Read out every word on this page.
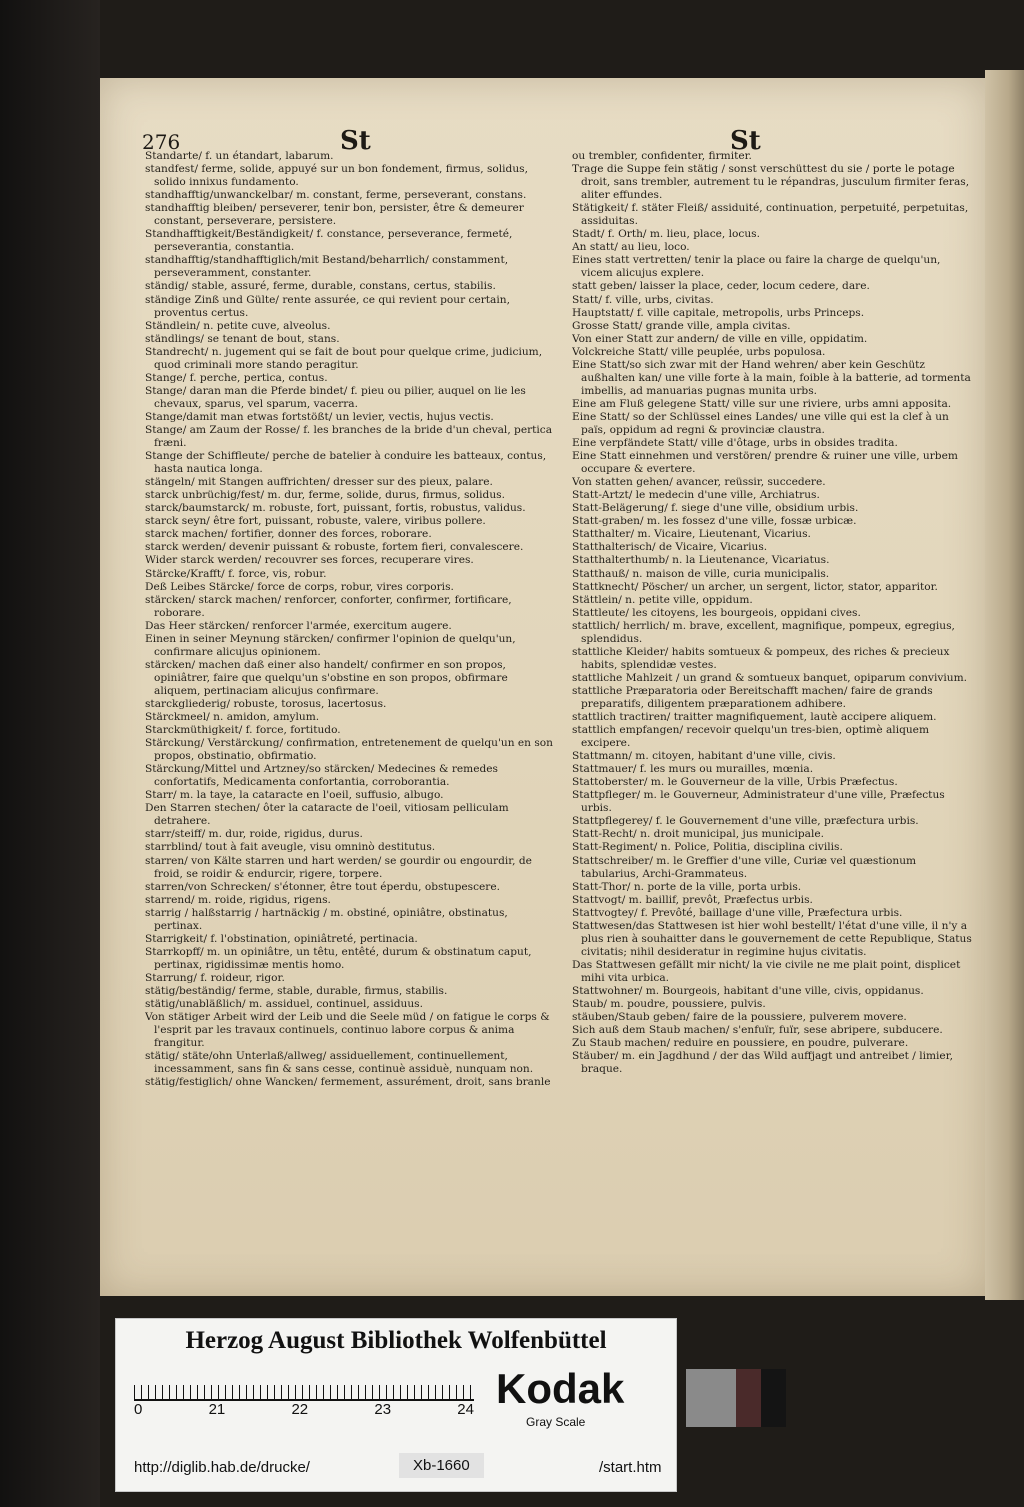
276	St	St

Standarte/ f. un étandart, labarum.

standfest/ ferme, solide, appuyé sur un bon fondement, firmus, solidus, solido innixus fundamento.

standhafftig/unwanckelbar/ m. constant, ferme, perseverant, constans.

standhafftig bleiben/ perseverer, tenir bon, persister, être & demeurer constant, perseverare, persistere.

Standhafftigkeit/Beständigkeit/ f. constance, perseverance, fermeté, perseverantia, constantia.

standhafftig/standhafftiglich/mit Bestand/beharrlich/ constamment, perseveramment, constanter.

ständig/ stable, assuré, ferme, durable, constans, certus, stabilis.

ständige Zinß und Gülte/ rente assurée, ce qui revient pour certain, proventus certus.

Ständlein/ n. petite cuve, alveolus.

ständlings/ se tenant de bout, stans.

Standrecht/ n. jugement qui se fait de bout pour quelque crime, judicium, quod criminali more stando peragitur.

Stange/ f. perche, pertica, contus.

Stange/ daran man die Pferde bindet/ f. pieu ou pilier, auquel on lie les chevaux, sparus, vel sparum, vacerra.

Stange/damit man etwas fortstößt/ un levier, vectis, hujus vectis.

Stange/ am Zaum der Rosse/ f. les branches de la bride d'un cheval, pertica fræni.

Stange der Schiffleute/ perche de batelier à conduire les batteaux, contus, hasta nautica longa.

stängeln/ mit Stangen auffrichten/ dresser sur des pieux, palare.

starck unbrüchig/fest/ m. dur, ferme, solide, durus, firmus, solidus.

starck/baumstarck/ m. robuste, fort, puissant, fortis, robustus, validus.

starck seyn/ être fort, puissant, robuste, valere, viribus pollere.

starck machen/ fortifier, donner des forces, roborare.

starck werden/ devenir puissant & robuste, fortem fieri, convalescere.

Wider starck werden/ recouvrer ses forces, recuperare vires.

Stärcke/Krafft/ f. force, vis, robur.

Deß Leibes Stärcke/ force de corps, robur, vires corporis.

stärcken/ starck machen/ renforcer, conforter, confirmer, fortificare, roborare.

Das Heer stärcken/ renforcer l'armée, exercitum augere.

Einen in seiner Meynung stärcken/ confirmer l'opinion de quelqu'un, confirmare alicujus opinionem.

stärcken/ machen daß einer also handelt/ confirmer en son propos, opiniâtrer, faire que quelqu'un s'obstine en son propos, obfirmare aliquem, pertinaciam alicujus confirmare.

starckgliederig/ robuste, torosus, lacertosus.

Stärckmeel/ n. amidon, amylum.

Starckmüthigkeit/ f. force, fortitudo.

Stärckung/ Verstärckung/ confirmation, entretenement de quelqu'un en son propos, obstinatio, obfirmatio.

Stärckung/Mittel und Artzney/so stärcken/ Medecines & remedes confortatifs, Medicamenta confortantia, corroborantia.

Starr/ m. la taye, la cataracte en l'oeil, suffusio, albugo.

Den Starren stechen/ ôter la cataracte de l'oeil, vitiosam pelliculam detrahere.

starr/steiff/ m. dur, roide, rigidus, durus.

starrblind/ tout à fait aveugle, visu omninò destitutus.

starren/ von Kälte starren und hart werden/ se gourdir ou engourdir, de froid, se roidir & endurcir, rigere, torpere.

starren/von Schrecken/ s'étonner, être tout éperdu, obstupescere.

starrend/ m. roide, rigidus, rigens.

starrig / halßstarrig / hartnäckig / m. obstiné, opiniâtre, obstinatus, pertinax.

Starrigkeit/ f. l'obstination, opiniâtreté, pertinacia.

Starrkopff/ m. un opiniâtre, un têtu, entêté, durum & obstinatum caput, pertinax, rigidissimæ mentis homo.

Starrung/ f. roideur, rigor.

stätig/beständig/ ferme, stable, durable, firmus, stabilis.

stätig/unabläßlich/ m. assiduel, continuel, assiduus.

Von stätiger Arbeit wird der Leib und die Seele müd / on fatigue le corps & l'esprit par les travaux continuels, continuo labore corpus & anima frangitur.

stätig/ stäte/ohn Unterlaß/allweg/ assiduellement, continuellement, incessamment, sans fin & sans cesse, continuè assiduè, nunquam non.

stätig/festiglich/ ohne Wancken/ fermement, assurément, droit, sans branle

ou trembler, confidenter, firmiter.

Trage die Suppe fein stätig / sonst verschüttest du sie / porte le potage droit, sans trembler, autrement tu le répandras, jusculum firmiter feras, aliter effundes.

Stätigkeit/ f. stäter Fleiß/ assiduité, continuation, perpetuité, perpetuitas, assiduitas.

Stadt/ f. Orth/ m. lieu, place, locus.

An statt/ au lieu, loco.

Eines statt vertretten/ tenir la place ou faire la charge de quelqu'un, vicem alicujus explere.

statt geben/ laisser la place, ceder, locum cedere, dare.

Statt/ f. ville, urbs, civitas.

Hauptstatt/ f. ville capitale, metropolis, urbs Princeps.

Grosse Statt/ grande ville, ampla civitas.

Von einer Statt zur andern/ de ville en ville, oppidatim.

Volckreiche Statt/ ville peuplée, urbs populosa.

Eine Statt/so sich zwar mit der Hand wehren/ aber kein Geschütz außhalten kan/ une ville forte à la main, foible à la batterie, ad tormenta imbellis, ad manuarias pugnas munita urbs.

Eine am Fluß gelegene Statt/ ville sur une riviere, urbs amni apposita.

Eine Statt/ so der Schlüssel eines Landes/ une ville qui est la clef à un païs, oppidum ad regni & provinciæ claustra.

Eine verpfändete Statt/ ville d'ôtage, urbs in obsides tradita.

Eine Statt einnehmen und verstören/ prendre & ruiner une ville, urbem occupare & evertere.

Von statten gehen/ avancer, reüssir, succedere.

Statt-Artzt/ le medecin d'une ville, Archiatrus.

Statt-Belägerung/ f. siege d'une ville, obsidium urbis.

Statt-graben/ m. les fossez d'une ville, fossæ urbicæ.

Statthalter/ m. Vicaire, Lieutenant, Vicarius.

Statthalterisch/ de Vicaire, Vicarius.

Statthalterthumb/ n. la Lieutenance, Vicariatus.

Statthauß/ n. maison de ville, curia municipalis.

Stattknecht/ Pöscher/ un archer, un sergent, lictor, stator, apparitor.

Stättlein/ n. petite ville, oppidum.

Stattleute/ les citoyens, les bourgeois, oppidani cives.

stattlich/ herrlich/ m. brave, excellent, magnifique, pompeux, egregius, splendidus.

stattliche Kleider/ habits somtueux & pompeux, des riches & precieux habits, splendidæ vestes.

stattliche Mahlzeit / un grand & somtueux banquet, opiparum convivium.

stattliche Præparatoria oder Bereitschafft machen/ faire de grands preparatifs, diligentem præparationem adhibere.

stattlich tractiren/ traitter magnifiquement, lautè accipere aliquem.

stattlich empfangen/ recevoir quelqu'un tres-bien, optimè aliquem excipere.

Stattmann/ m. citoyen, habitant d'une ville, civis.

Stattmauer/ f. les murs ou murailles, mœnia.

Stattoberster/ m. le Gouverneur de la ville, Urbis Præfectus.

Stattpfleger/ m. le Gouverneur, Administrateur d'une ville, Præfectus urbis.

Stattpflegerey/ f. le Gouvernement d'une ville, præfectura urbis.

Statt-Recht/ n. droit municipal, jus municipale.

Statt-Regiment/ n. Police, Politia, disciplina civilis.

Stattschreiber/ m. le Greffier d'une ville, Curiæ vel quæstionum tabularius, Archi-Grammateus.

Statt-Thor/ n. porte de la ville, porta urbis.

Stattvogt/ m. baillif, prevôt, Præfectus urbis.

Stattvogtey/ f. Prevôté, baillage d'une ville, Præfectura urbis.

Stattwesen/das Stattwesen ist hier wohl bestellt/ l'état d'une ville, il n'y a plus rien à souhaitter dans le gouvernement de cette Republique, Status civitatis; nihil desideratur in regimine hujus civitatis.

Das Stattwesen gefällt mir nicht/ la vie civile ne me plait point, displicet mihi vita urbica.

Stattwohner/ m. Bourgeois, habitant d'une ville, civis, oppidanus.

Staub/ m. poudre, poussiere, pulvis.

stäuben/Staub geben/ faire de la poussiere, pulverem movere.

Sich auß dem Staub machen/ s'enfuïr, fuïr, sese abripere, subducere.

Zu Staub machen/ reduire en poussiere, en poudre, pulverare.

Stäuber/ m. ein Jagdhund / der das Wild auffjagt und antreibet / limier, braque.

Herzog August Bibliothek Wolfenbüttel
0	21	22	23	24 Kodak
Gray Scale
http://diglib.hab.de/drucke/	Xb-1660	/start.htm
